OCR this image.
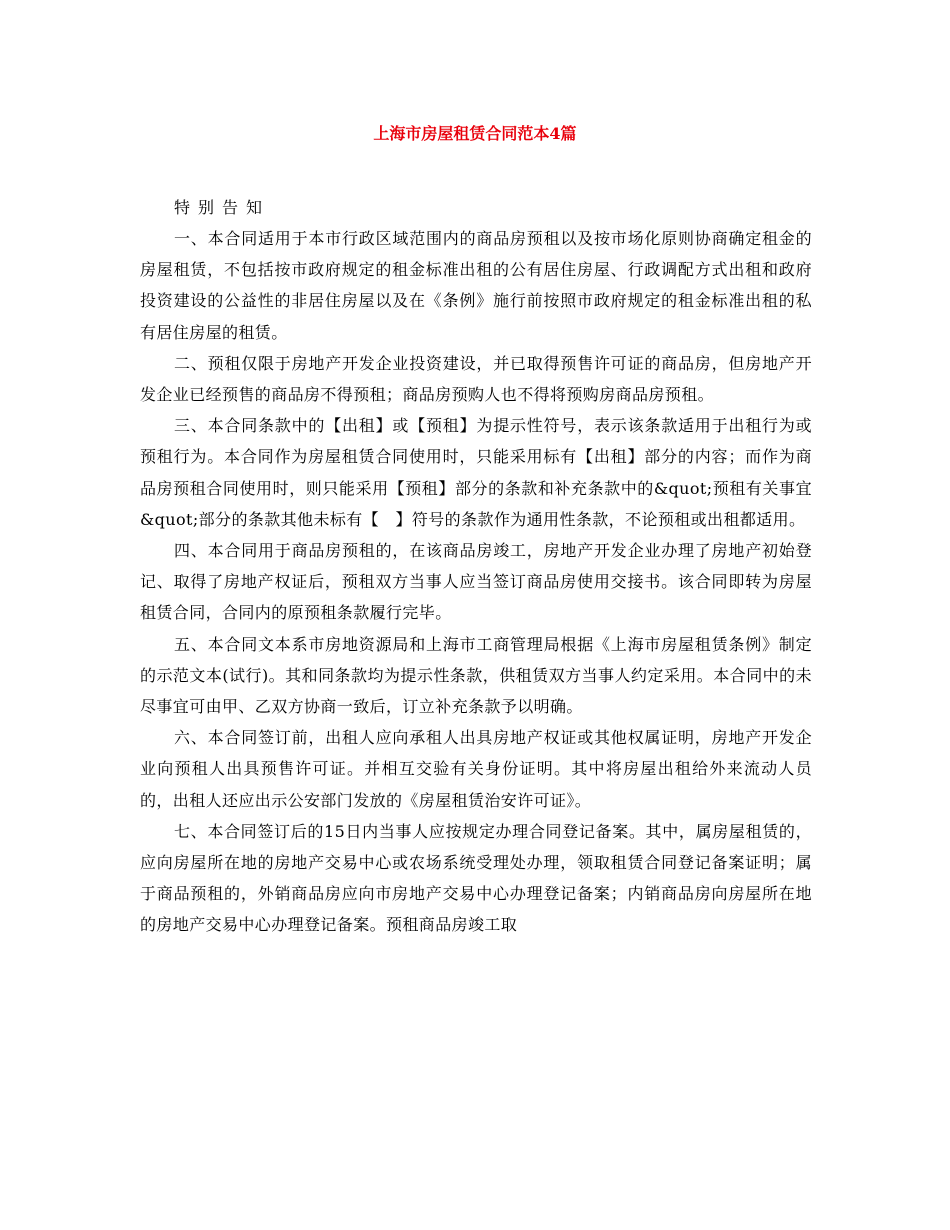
上海市房屋租赁合同范本4篇

特别告知

一、本合同适用于本市行政区域范围内的商品房预租以及按市场化原则协商确定租金的房屋租赁，不包括按市政府规定的租金标准出租的公有居住房屋、行政调配方式出租和政府投资建设的公益性的非居住房屋以及在《条例》施行前按照市政府规定的租金标准出租的私有居住房屋的租赁。

二、预租仅限于房地产开发企业投资建设，并已取得预售许可证的商品房，但房地产开发企业已经预售的商品房不得预租；商品房预购人也不得将预购房商品房预租。

三、本合同条款中的【出租】或【预租】为提示性符号，表示该条款适用于出租行为或预租行为。本合同作为房屋租赁合同使用时，只能采用标有【出租】部分的内容；而作为商品房预租合同使用时，则只能采用【预租】部分的条款和补充条款中的&quot;预租有关事宜&quot;部分的条款其他未标有【　】符号的条款作为通用性条款，不论预租或出租都适用。

四、本合同用于商品房预租的，在该商品房竣工，房地产开发企业办理了房地产初始登记、取得了房地产权证后，预租双方当事人应当签订商品房使用交接书。该合同即转为房屋租赁合同，合同内的原预租条款履行完毕。

五、本合同文本系市房地资源局和上海市工商管理局根据《上海市房屋租赁条例》制定的示范文本(试行)。其和同条款均为提示性条款，供租赁双方当事人约定采用。本合同中的未尽事宜可由甲、乙双方协商一致后，订立补充条款予以明确。

六、本合同签订前，出租人应向承租人出具房地产权证或其他权属证明，房地产开发企业向预租人出具预售许可证。并相互交验有关身份证明。其中将房屋出租给外来流动人员的，出租人还应出示公安部门发放的《房屋租赁治安许可证》。

七、本合同签订后的15日内当事人应按规定办理合同登记备案。其中，属房屋租赁的，应向房屋所在地的房地产交易中心或农场系统受理处办理，领取租赁合同登记备案证明；属于商品预租的，外销商品房应向市房地产交易中心办理登记备案；内销商品房向房屋所在地的房地产交易中心办理登记备案。预租商品房竣工取
